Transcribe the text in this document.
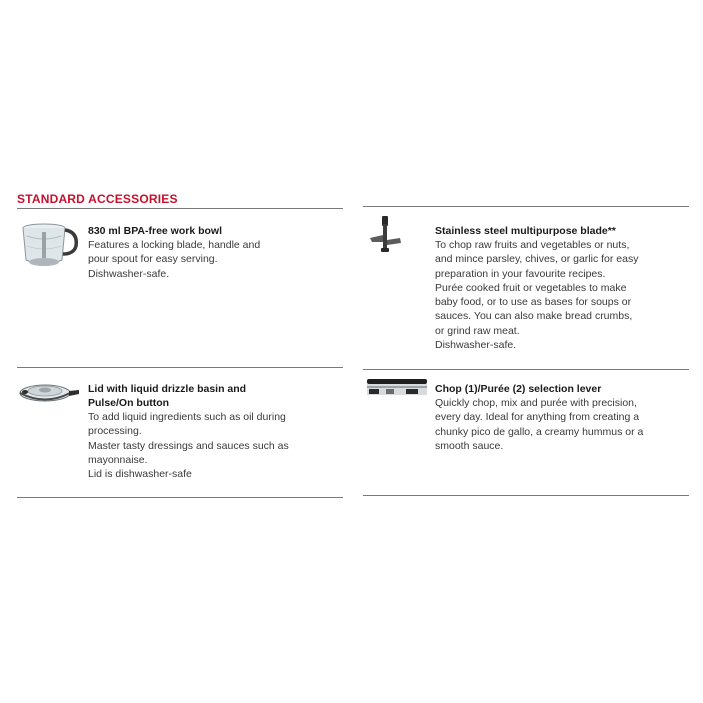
STANDARD ACCESSORIES
830 ml BPA-free work bowl
Features a locking blade, handle and
pour spout for easy serving.
Dishwasher-safe.
Stainless steel multipurpose blade**
To chop raw fruits and vegetables or nuts,
and mince parsley, chives, or garlic for easy
preparation in your favourite recipes.
Purée cooked fruit or vegetables to make
baby food, or to use as bases for soups or
sauces. You can also make bread crumbs,
or grind raw meat.
Dishwasher-safe.
Lid with liquid drizzle basin and
Pulse/On button
To add liquid ingredients such as oil during
processing.
Master tasty dressings and sauces such as
mayonnaise.
Lid is dishwasher-safe
Chop (1)/Purée (2) selection lever
Quickly chop, mix and purée with precision,
every day. Ideal for anything from creating a
chunky pico de gallo, a creamy hummus or a
smooth sauce.
